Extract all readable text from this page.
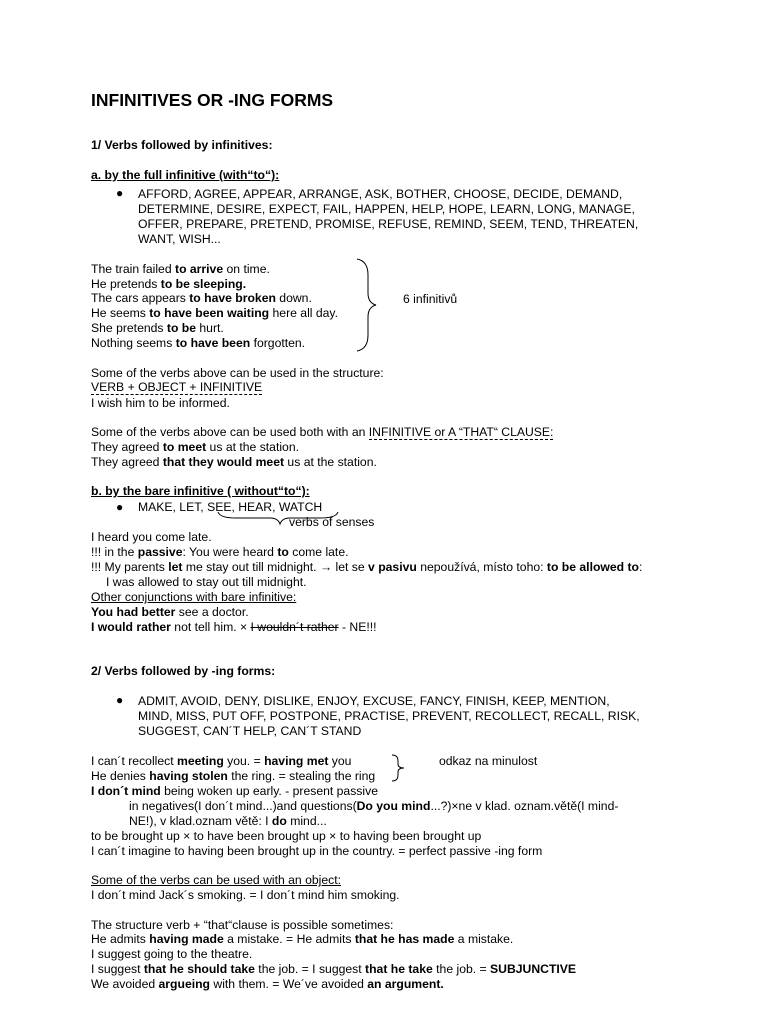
INFINITIVES OR -ING FORMS
1/ Verbs followed by infinitives:
a. by the full infinitive (with“to“):
● AFFORD, AGREE, APPEAR, ARRANGE, ASK, BOTHER, CHOOSE, DECIDE, DEMAND,
DETERMINE, DESIRE, EXPECT, FAIL, HAPPEN, HELP, HOPE, LEARN, LONG, MANAGE,
OFFER, PREPARE, PRETEND, PROMISE, REFUSE, REMIND, SEEM, TEND, THREATEN,
WANT, WISH...
The train failed to arrive on time.
He pretends to be sleeping.
The cars appears to have broken down.
He seems to have been waiting here all day.
She pretends to be hurt.
Nothing seems to have been forgotten.
6 infinitivů
Some of the verbs above can be used in the structure:
VERB + OBJECT + INFINITIVE
I wish him to be informed.
Some of the verbs above can be used both with an INFINITIVE or A “THAT“ CLAUSE:
They agreed to meet us at the station.
They agreed that they would meet us at the station.
b. by the bare infinitive ( without“to“):
● MAKE, LET, SEE, HEAR, WATCH
verbs of senses
I heard you come late.
!!! in the passive: You were heard to come late.
!!! My parents let me stay out till midnight. → let se v pasivu nepoužívá, místo toho: to be allowed to:
I was allowed to stay out till midnight.
Other conjunctions with bare infinitive:
You had better see a doctor.
I would rather not tell him. × I wouldn´t rather - NE!!!
2/ Verbs followed by -ing forms:
● ADMIT, AVOID, DENY, DISLIKE, ENJOY, EXCUSE, FANCY, FINISH, KEEP, MENTION,
MIND, MISS, PUT OFF, POSTPONE, PRACTISE, PREVENT, RECOLLECT, RECALL, RISK,
SUGGEST, CAN´T HELP, CAN´T STAND
I can´t recollect meeting you. = having met you	odkaz na minulost
He denies having stolen the ring. = stealing the ring
I don´t mind being woken up early. - present passive
in negatives(I don´t mind...)and questions(Do you mind...?)×ne v klad. oznam.větě(I mind-
NE!), v klad.oznam větě: I do mind...
to be brought up × to have been brought up × to having been brought up
I can´t imagine to having been brought up in the country. = perfect passive -ing form
Some of the verbs can be used with an object:
I don´t mind Jack´s smoking. = I don´t mind him smoking.
The structure verb + “that“clause is possible sometimes:
He admits having made a mistake. = He admits that he has made a mistake.
I suggest going to the theatre.
I suggest that he should take the job. = I suggest that he take the job. = SUBJUNCTIVE
We avoided argueing with them. = We´ve avoided an argument.
